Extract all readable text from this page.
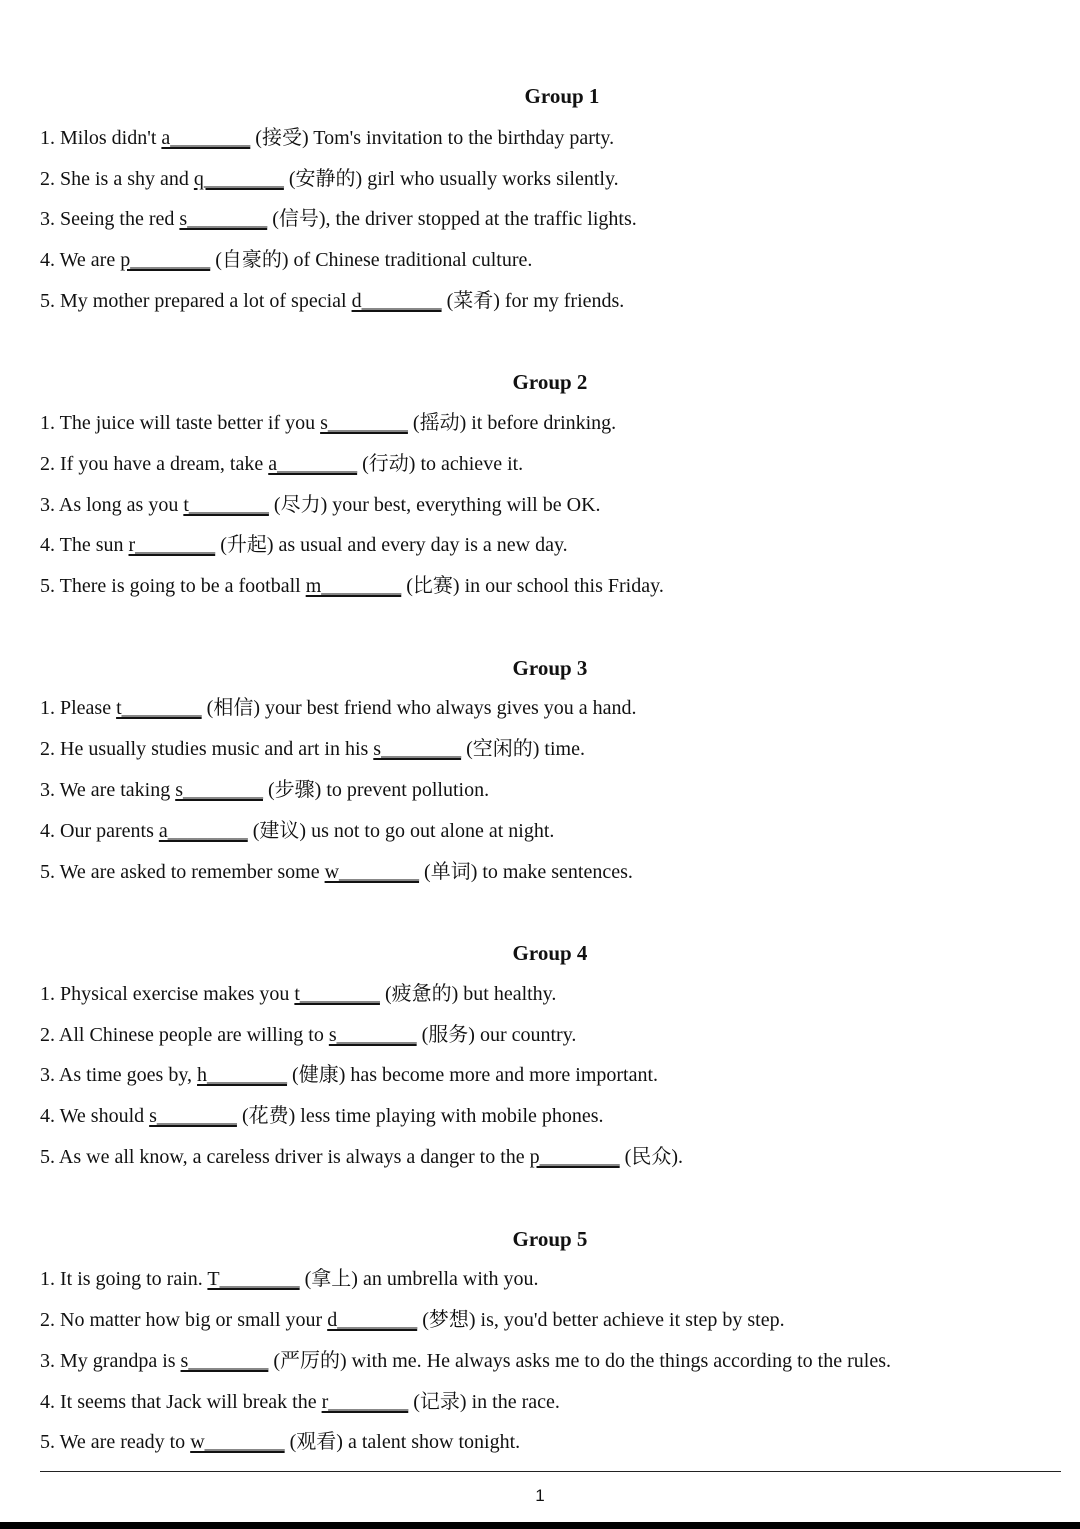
Group 1
1. Milos didn't a________ (接受) Tom's invitation to the birthday party.
2. She is a shy and q________ (安静的) girl who usually works silently.
3. Seeing the red s________ (信号), the driver stopped at the traffic lights.
4. We are p________ (自豪的) of Chinese traditional culture.
5. My mother prepared a lot of special d________ (菜肴) for my friends.
Group 2
1. The juice will taste better if you s________ (摇动) it before drinking.
2. If you have a dream, take a________ (行动) to achieve it.
3. As long as you t________ (尽力) your best, everything will be OK.
4. The sun r________ (升起) as usual and every day is a new day.
5. There is going to be a football m________ (比赛) in our school this Friday.
Group 3
1. Please t________ (相信) your best friend who always gives you a hand.
2. He usually studies music and art in his s________ (空闲的) time.
3. We are taking s________ (步骤) to prevent pollution.
4. Our parents a________ (建议) us not to go out alone at night.
5. We are asked to remember some w________ (单词) to make sentences.
Group 4
1. Physical exercise makes you t________ (疲惫的) but healthy.
2. All Chinese people are willing to s________ (服务) our country.
3. As time goes by, h________ (健康) has become more and more important.
4. We should s________ (花费) less time playing with mobile phones.
5. As we all know, a careless driver is always a danger to the p________ (民众).
Group 5
1. It is going to rain. T________ (拿上) an umbrella with you.
2. No matter how big or small your d________ (梦想) is, you'd better achieve it step by step.
3. My grandpa is s________ (严厉的) with me. He always asks me to do the things according to the rules.
4. It seems that Jack will break the r________ (记录) in the race.
5. We are ready to w________ (观看) a talent show tonight.
1
